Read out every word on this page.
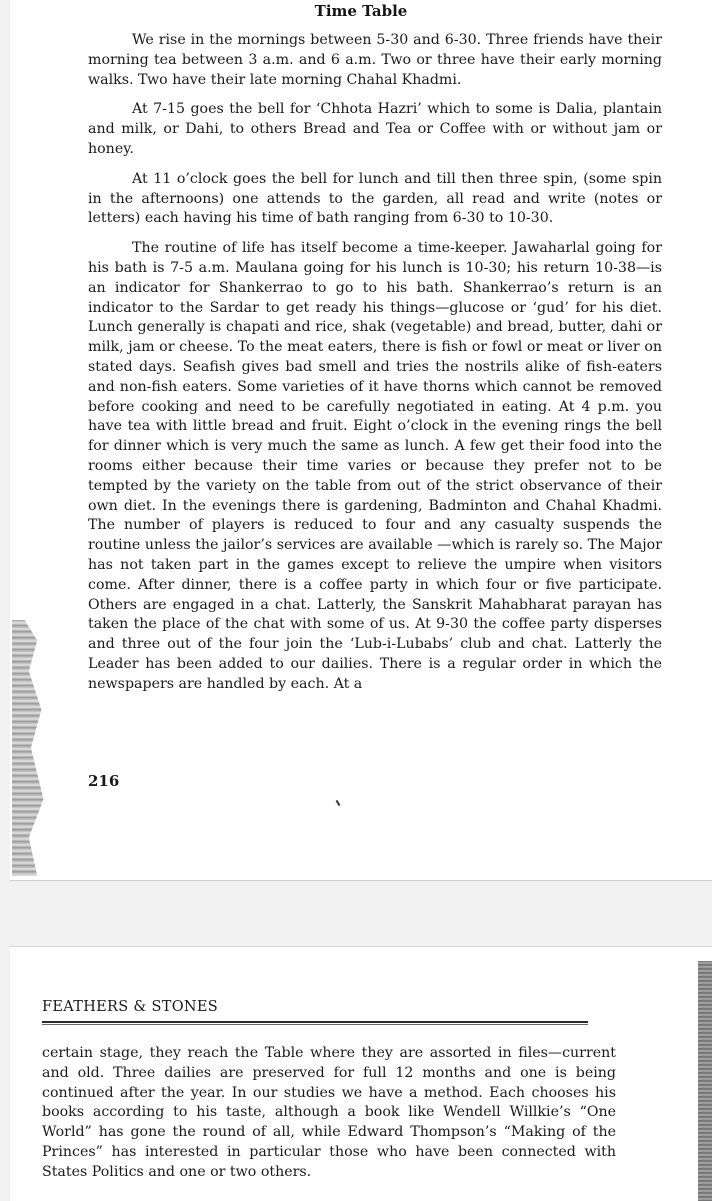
Time Table

We rise in the mornings between 5-30 and 6-30. Three friends have their morning tea between 3 a.m. and 6 a.m. Two or three have their early morning walks. Two have their late morning Chahal Khadmi.

At 7-15 goes the bell for ‘Chhota Hazri’ which to some is Dalia, plantain and milk, or Dahi, to others Bread and Tea or Coffee with or without jam or honey.

At 11 o’clock goes the bell for lunch and till then three spin, (some spin in the afternoons) one attends to the garden, all read and write (notes or letters) each having his time of bath ranging from 6-30 to 10-30.

The routine of life has itself become a time-keeper. Jawaharlal going for his bath is 7-5 a.m. Maulana going for his lunch is 10-30; his return 10-38—is an indicator for Shankerrao to go to his bath. Shankerrao’s return is an indicator to the Sardar to get ready his things—glucose or ‘gud’ for his diet. Lunch generally is chapati and rice, shak (vegetable) and bread, butter, dahi or milk, jam or cheese. To the meat eaters, there is fish or fowl or meat or liver on stated days. Seafish gives bad smell and tries the nostrils alike of fish-eaters and non-fish eaters. Some varieties of it have thorns which cannot be removed before cooking and need to be carefully negotiated in eating. At 4 p.m. you have tea with little bread and fruit. Eight o’clock in the evening rings the bell for dinner which is very much the same as lunch. A few get their food into the rooms either because their time varies or because they prefer not to be tempted by the variety on the table from out of the strict observance of their own diet. In the evenings there is gardening, Badminton and Chahal Khadmi. The number of players is reduced to four and any casualty suspends the routine unless the jailor’s services are available —which is rarely so. The Major has not taken part in the games except to relieve the umpire when visitors come. After dinner, there is a coffee party in which four or five participate. Others are engaged in a chat. Latterly, the Sanskrit Mahabharat parayan has taken the place of the chat with some of us. At 9-30 the coffee party disperses and three out of the four join the ‘Lub-i-Lubabs’ club and chat. Latterly the Leader has been added to our dailies. There is a regular order in which the newspapers are handled by each. At a

216
FEATHERS & STONES
certain stage, they reach the Table where they are assorted in files—current and old. Three dailies are preserved for full 12 months and one is being continued after the year. In our studies we have a method. Each chooses his books according to his taste, although a book like Wendell Willkie’s “One World” has gone the round of all, while Edward Thompson’s “Making of the Princes” has interested in particular those who have been connected with States Politics and one or two others.
